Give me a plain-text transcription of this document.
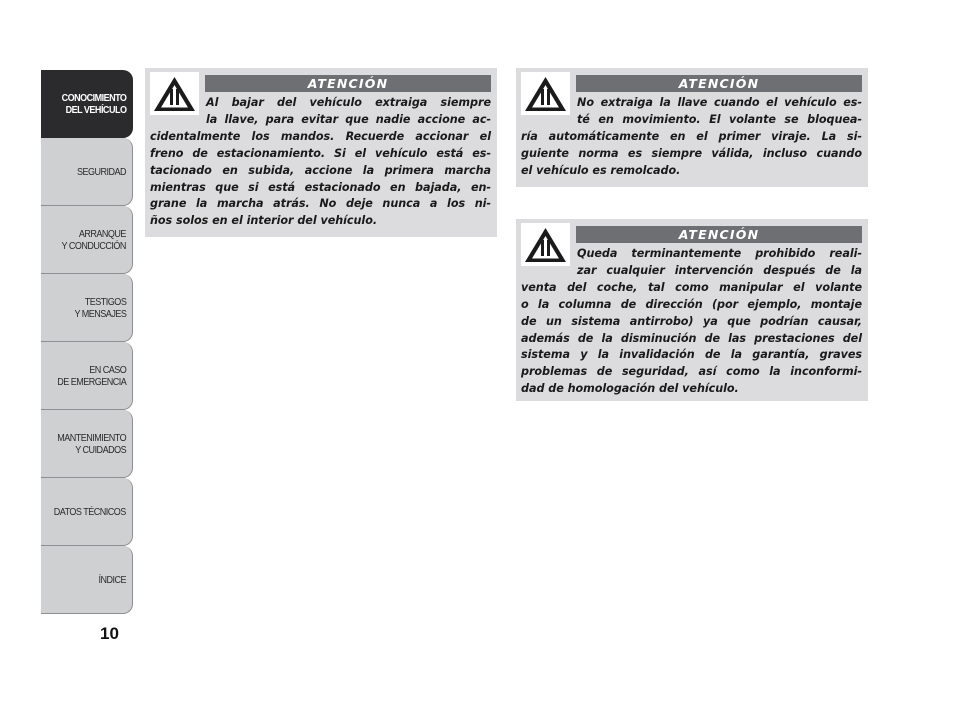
CONOCIMIENTO
DEL VEHÍCULO
SEGURIDAD
ARRANQUE
Y CONDUCCIÓN
TESTIGOS
Y MENSAJES
EN CASO
DE EMERGENCIA
MANTENIMIENTO
Y CUIDADOS
DATOS TÉCNICOS
ÍNDICE
10
ATENCIÓN
Al bajar del vehículo extraiga siempre
la llave, para evitar que nadie accione ac-
cidentalmente los mandos. Recuerde accionar el
freno de estacionamiento. Si el vehículo está es-
tacionado en subida, accione la primera marcha
mientras que si está estacionado en bajada, en-
grane la marcha atrás. No deje nunca a los ni-
ños solos en el interior del vehículo.
ATENCIÓN
No extraiga la llave cuando el vehículo es-
té en movimiento. El volante se bloquea-
ría automáticamente en el primer viraje. La si-
guiente norma es siempre válida, incluso cuando
el vehículo es remolcado.
ATENCIÓN
Queda terminantemente prohibido reali-
zar cualquier intervención después de la
venta del coche, tal como manipular el volante
o la columna de dirección (por ejemplo, montaje
de un sistema antirrobo) ya que podrían causar,
además de la disminución de las prestaciones del
sistema y la invalidación de la garantía, graves
problemas de seguridad, así como la inconformi-
dad de homologación del vehículo.
